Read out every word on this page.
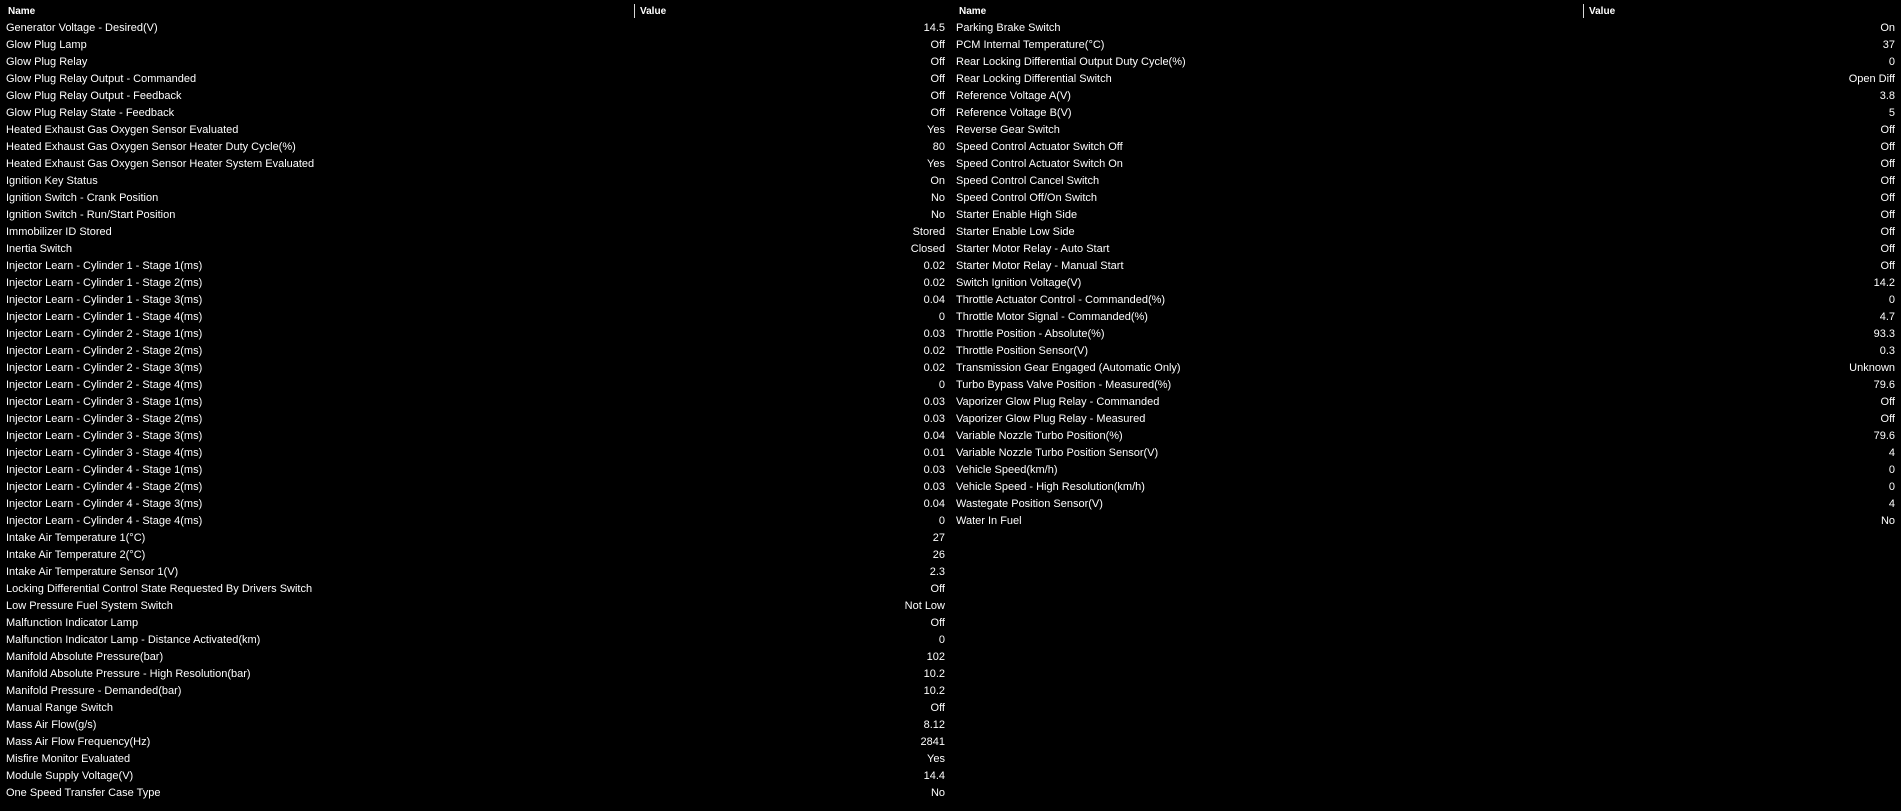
Name	Value
Generator Voltage - Desired(V)	14.5
Glow Plug Lamp	Off
Glow Plug Relay	Off
Glow Plug Relay Output - Commanded	Off
Glow Plug Relay Output - Feedback	Off
Glow Plug Relay State - Feedback	Off
Heated Exhaust Gas Oxygen Sensor Evaluated	Yes
Heated Exhaust Gas Oxygen Sensor Heater Duty Cycle(%)	80
Heated Exhaust Gas Oxygen Sensor Heater System Evaluated	Yes
Ignition Key Status	On
Ignition Switch - Crank Position	No
Ignition Switch - Run/Start Position	No
Immobilizer ID Stored	Stored
Inertia Switch	Closed
Injector Learn - Cylinder 1 - Stage 1(ms)	0.02
Injector Learn - Cylinder 1 - Stage 2(ms)	0.02
Injector Learn - Cylinder 1 - Stage 3(ms)	0.04
Injector Learn - Cylinder 1 - Stage 4(ms)	0
Injector Learn - Cylinder 2 - Stage 1(ms)	0.03
Injector Learn - Cylinder 2 - Stage 2(ms)	0.02
Injector Learn - Cylinder 2 - Stage 3(ms)	0.02
Injector Learn - Cylinder 2 - Stage 4(ms)	0
Injector Learn - Cylinder 3 - Stage 1(ms)	0.03
Injector Learn - Cylinder 3 - Stage 2(ms)	0.03
Injector Learn - Cylinder 3 - Stage 3(ms)	0.04
Injector Learn - Cylinder 3 - Stage 4(ms)	0.01
Injector Learn - Cylinder 4 - Stage 1(ms)	0.03
Injector Learn - Cylinder 4 - Stage 2(ms)	0.03
Injector Learn - Cylinder 4 - Stage 3(ms)	0.04
Injector Learn - Cylinder 4 - Stage 4(ms)	0
Intake Air Temperature 1(°C)	27
Intake Air Temperature 2(°C)	26
Intake Air Temperature Sensor 1(V)	2.3
Locking Differential Control State Requested By Drivers Switch	Off
Low Pressure Fuel System Switch	Not Low
Malfunction Indicator Lamp	Off
Malfunction Indicator Lamp - Distance Activated(km)	0
Manifold Absolute Pressure(bar)	102
Manifold Absolute Pressure - High Resolution(bar)	10.2
Manifold Pressure - Demanded(bar)	10.2
Manual Range Switch	Off
Mass Air Flow(g/s)	8.12
Mass Air Flow Frequency(Hz)	2841
Misfire Monitor Evaluated	Yes
Module Supply Voltage(V)	14.4
One Speed Transfer Case Type	No
Name	Value
Parking Brake Switch	On
PCM Internal Temperature(°C)	37
Rear Locking Differential Output Duty Cycle(%)	0
Rear Locking Differential Switch	Open Diff
Reference Voltage A(V)	3.8
Reference Voltage B(V)	5
Reverse Gear Switch	Off
Speed Control Actuator Switch Off	Off
Speed Control Actuator Switch On	Off
Speed Control Cancel Switch	Off
Speed Control Off/On Switch	Off
Starter Enable High Side	Off
Starter Enable Low Side	Off
Starter Motor Relay - Auto Start	Off
Starter Motor Relay - Manual Start	Off
Switch Ignition Voltage(V)	14.2
Throttle Actuator Control - Commanded(%)	0
Throttle Motor Signal - Commanded(%)	4.7
Throttle Position - Absolute(%)	93.3
Throttle Position Sensor(V)	0.3
Transmission Gear Engaged (Automatic Only)	Unknown
Turbo Bypass Valve Position - Measured(%)	79.6
Vaporizer Glow Plug Relay - Commanded	Off
Vaporizer Glow Plug Relay - Measured	Off
Variable Nozzle Turbo Position(%)	79.6
Variable Nozzle Turbo Position Sensor(V)	4
Vehicle Speed(km/h)	0
Vehicle Speed - High Resolution(km/h)	0
Wastegate Position Sensor(V)	4
Water In Fuel	No
